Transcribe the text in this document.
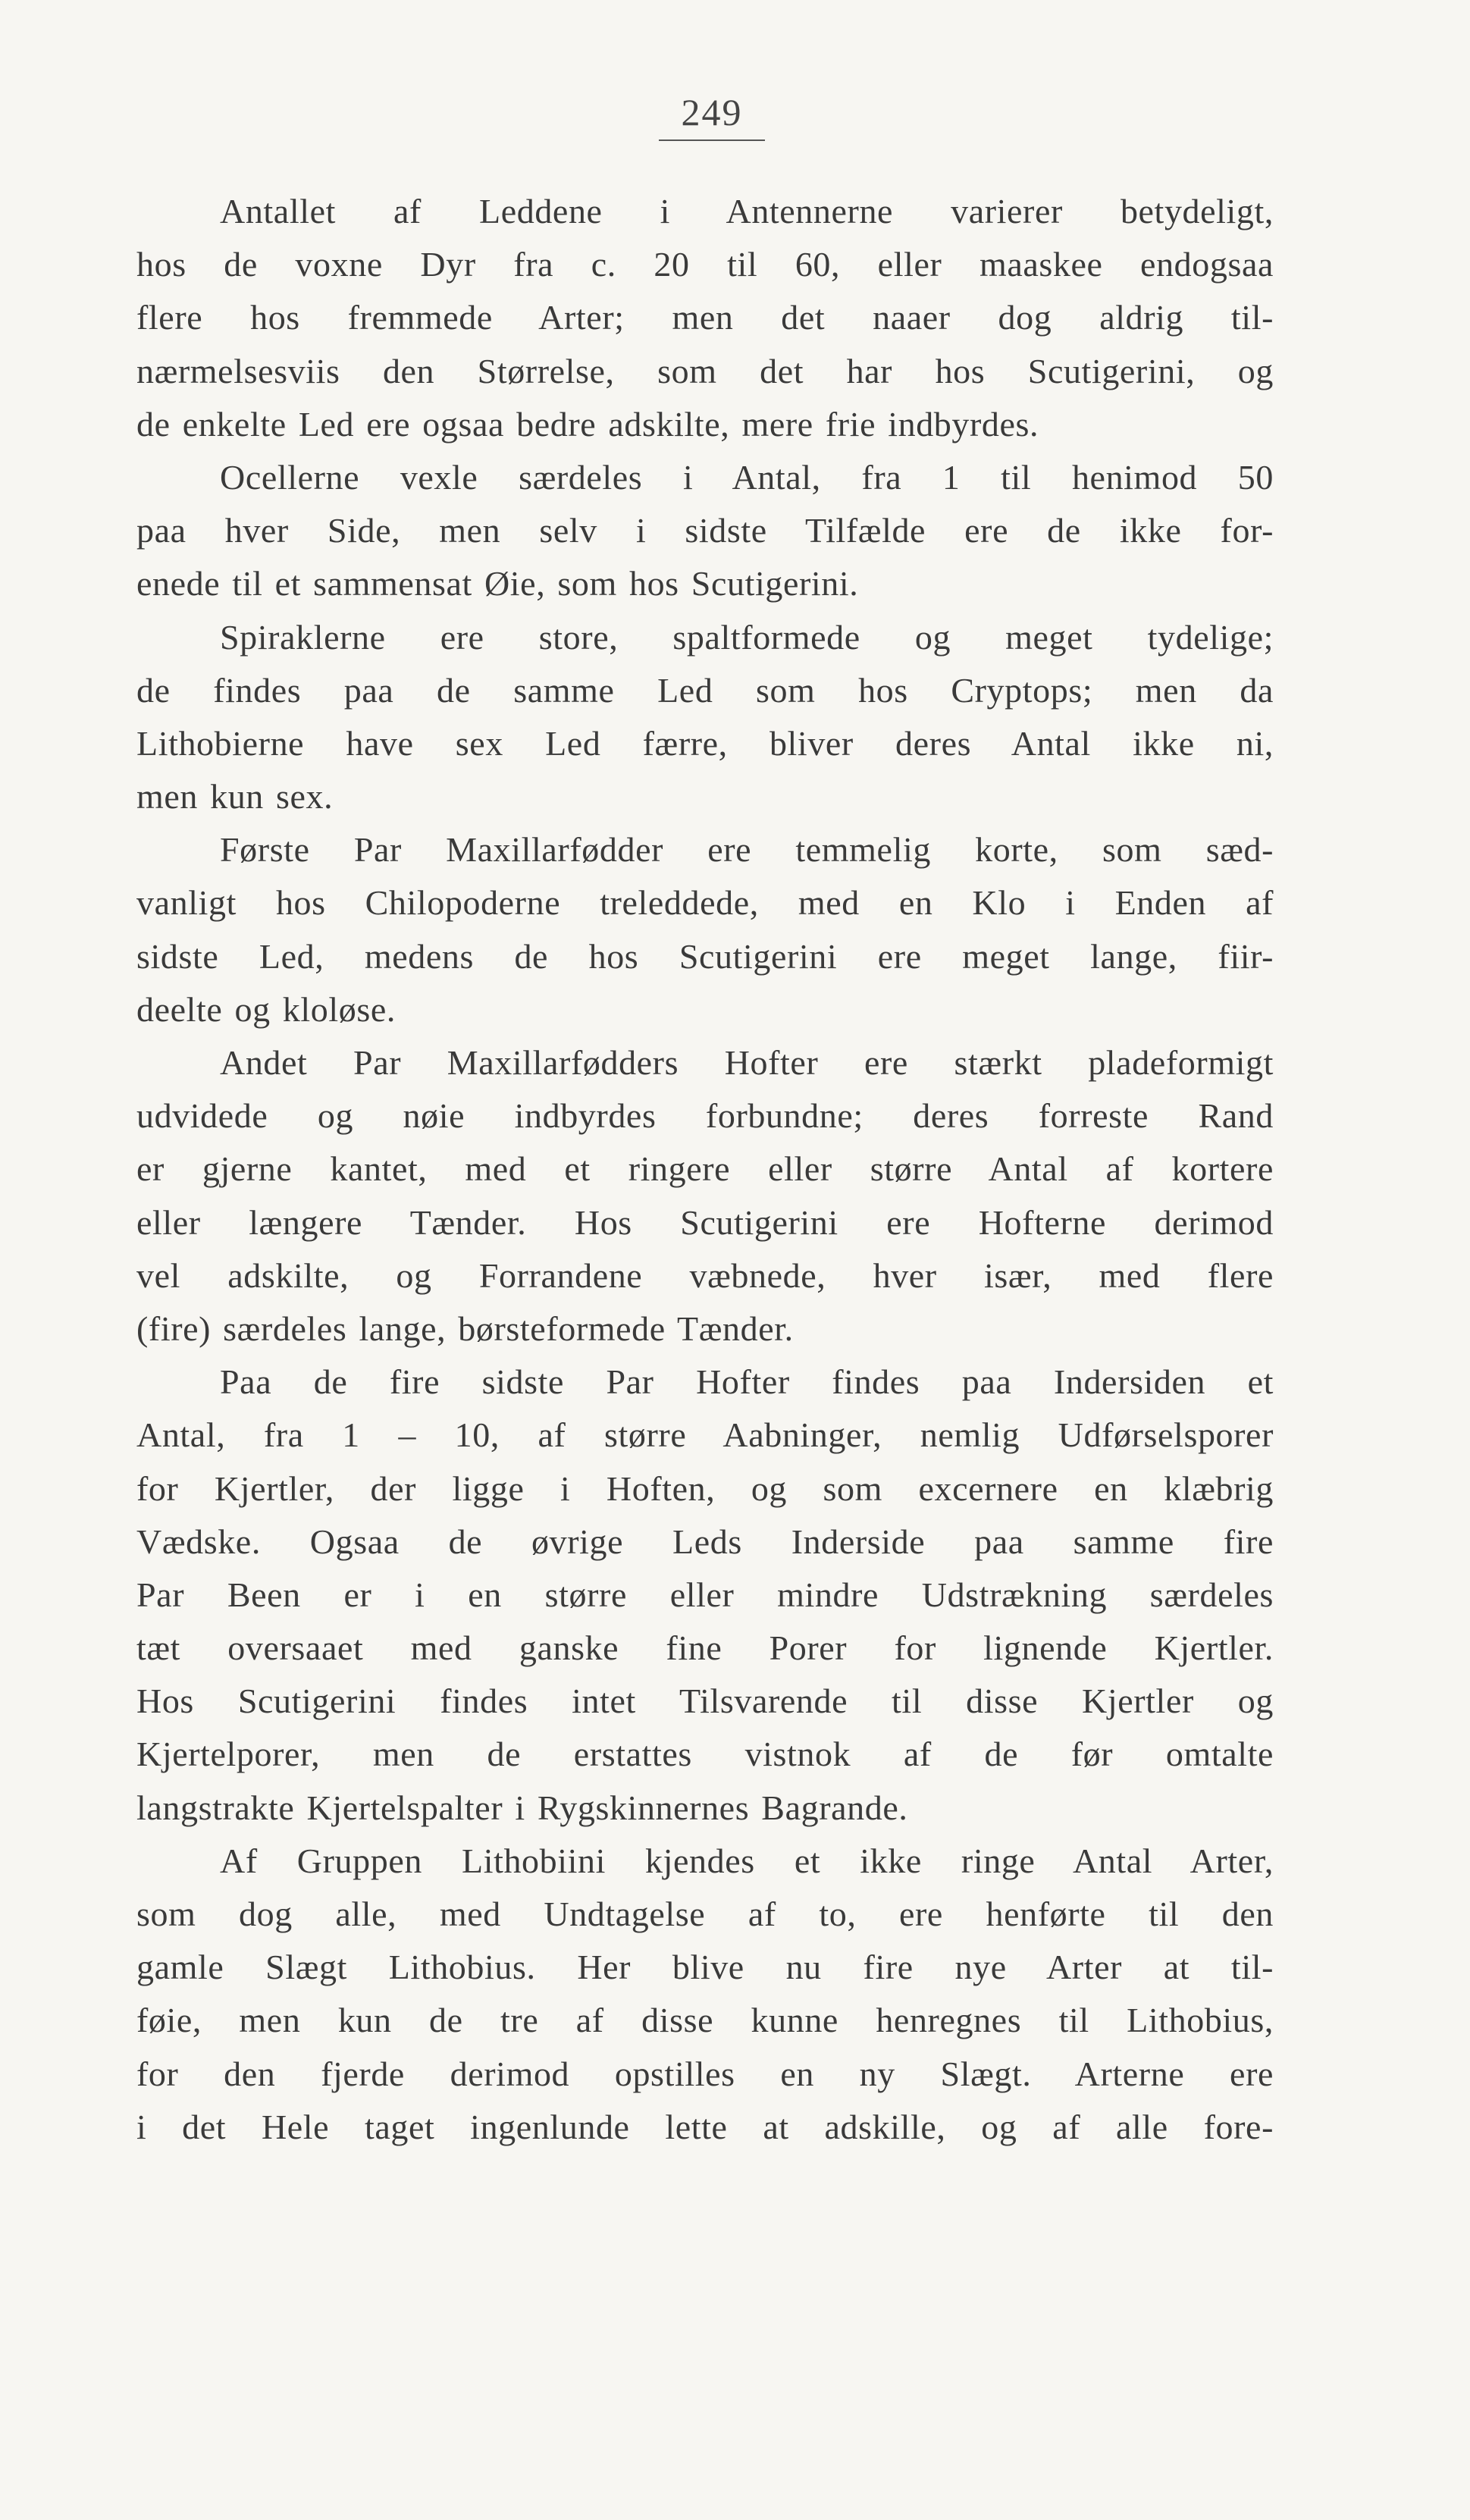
249
Antallet af Leddene i Antennerne varierer betydeligt,
hos de voxne Dyr fra c. 20 til 60, eller maaskee endogsaa
flere hos fremmede Arter; men det naaer dog aldrig til-
nærmelsesviis den Størrelse, som det har hos Scutigerini, og
de enkelte Led ere ogsaa bedre adskilte, mere frie indbyrdes.
Ocellerne vexle særdeles i Antal, fra 1 til henimod 50
paa hver Side, men selv i sidste Tilfælde ere de ikke for-
enede til et sammensat Øie, som hos Scutigerini.
Spiraklerne ere store, spaltformede og meget tydelige;
de findes paa de samme Led som hos Cryptops; men da
Lithobierne have sex Led færre, bliver deres Antal ikke ni,
men kun sex.
Første Par Maxillarfødder ere temmelig korte, som sæd-
vanligt hos Chilopoderne treleddede, med en Klo i Enden af
sidste Led, medens de hos Scutigerini ere meget lange, fiir-
deelte og kloløse.
Andet Par Maxillarfødders Hofter ere stærkt pladeformigt
udvidede og nøie indbyrdes forbundne; deres forreste Rand
er gjerne kantet, med et ringere eller større Antal af kortere
eller længere Tænder. Hos Scutigerini ere Hofterne derimod
vel adskilte, og Forrandene væbnede, hver især, med flere
(fire) særdeles lange, børsteformede Tænder.
Paa de fire sidste Par Hofter findes paa Indersiden et
Antal, fra 1 – 10, af større Aabninger, nemlig Udførselsporer
for Kjertler, der ligge i Hoften, og som excernere en klæbrig
Vædske. Ogsaa de øvrige Leds Inderside paa samme fire
Par Been er i en større eller mindre Udstrækning særdeles
tæt oversaaet med ganske fine Porer for lignende Kjertler.
Hos Scutigerini findes intet Tilsvarende til disse Kjertler og
Kjertelporer, men de erstattes vistnok af de før omtalte
langstrakte Kjertelspalter i Rygskinnernes Bagrande.
Af Gruppen Lithobiini kjendes et ikke ringe Antal Arter,
som dog alle, med Undtagelse af to, ere henførte til den
gamle Slægt Lithobius. Her blive nu fire nye Arter at til-
føie, men kun de tre af disse kunne henregnes til Lithobius,
for den fjerde derimod opstilles en ny Slægt. Arterne ere
i det Hele taget ingenlunde lette at adskille, og af alle fore-
